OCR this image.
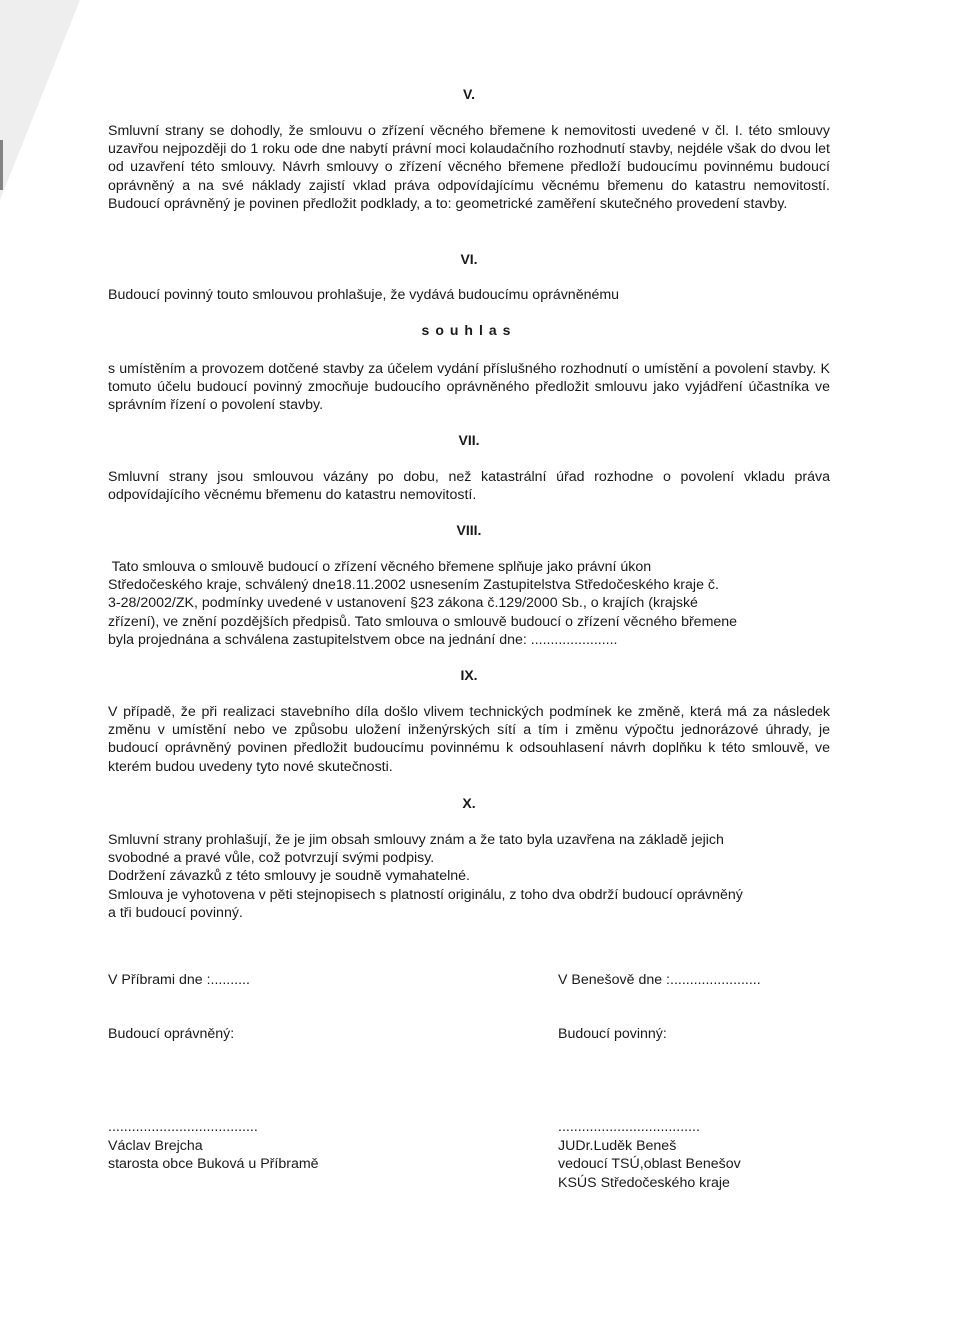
V.

Smluvní strany se dohodly, že smlouvu o zřízení věcného břemene k nemovitosti uvedené v čl. I. této smlouvy uzavřou nejpozději do 1 roku ode dne nabytí právní moci kolaudačního rozhodnutí stavby, nejdéle však do dvou let od uzavření této smlouvy. Návrh smlouvy o zřízení věcného břemene předloží budoucímu povinnému budoucí oprávněný a na své náklady zajistí vklad práva odpovídajícímu věcnému břemenu do katastru nemovitostí. Budoucí oprávněný je povinen předložit podklady, a to: geometrické zaměření skutečného provedení stavby.

VI.

Budoucí povinný touto smlouvou prohlašuje, že vydává budoucímu oprávněnému

souhlas

s umístěním a provozem dotčené stavby za účelem vydání příslušného rozhodnutí o umístění a povolení stavby. K tomuto účelu budoucí povinný zmocňuje budoucího oprávněného předložit smlouvu jako vyjádření účastníka ve správním řízení o povolení stavby.

VII.

Smluvní strany jsou smlouvou vázány po dobu, než katastrální úřad rozhodne o povolení vkladu práva odpovídajícího věcnému břemenu do katastru nemovitostí.

VIII.

Tato smlouva o smlouvě budoucí o zřízení věcného břemene splňuje jako právní úkon
Středočeského kraje, schválený dne18.11.2002 usnesením Zastupitelstva Středočeského kraje č.
3-28/2002/ZK, podmínky uvedené v ustanovení §23 zákona č.129/2000 Sb., o krajích (krajské
zřízení), ve znění pozdějších předpisů. Tato smlouva o smlouvě budoucí o zřízení věcného břemene
byla projednána a schválena zastupitelstvem obce na jednání dne: ......................

IX.

V případě, že při realizaci stavebního díla došlo vlivem technických podmínek ke změně, která má za následek změnu v umístění nebo ve způsobu uložení inženýrských sítí a tím i změnu výpočtu jednorázové úhrady, je budoucí oprávněný povinen předložit budoucímu povinnému k odsouhlasení návrh doplňku k této smlouvě, ve kterém budou uvedeny tyto nové skutečnosti.

X.

Smluvní strany prohlašují, že je jim obsah smlouvy znám a že tato byla uzavřena na základě jejich
svobodné a pravé vůle, což potvrzují svými podpisy.
Dodržení závazků z této smlouvy je soudně vymahatelné.
Smlouva je vyhotovena v pěti stejnopisech s platností originálu, z toho dva obdrží budoucí oprávněný
a tři budoucí povinný.

V Příbrami dne :..........
Budoucí oprávněný:
......................................
Václav Brejcha
starosta obce Buková u Příbramě
V Benešově dne :.......................
Budoucí povinný:
....................................
JUDr.Luděk Beneš
vedoucí TSÚ,oblast Benešov
KSÚS Středočeského kraje
